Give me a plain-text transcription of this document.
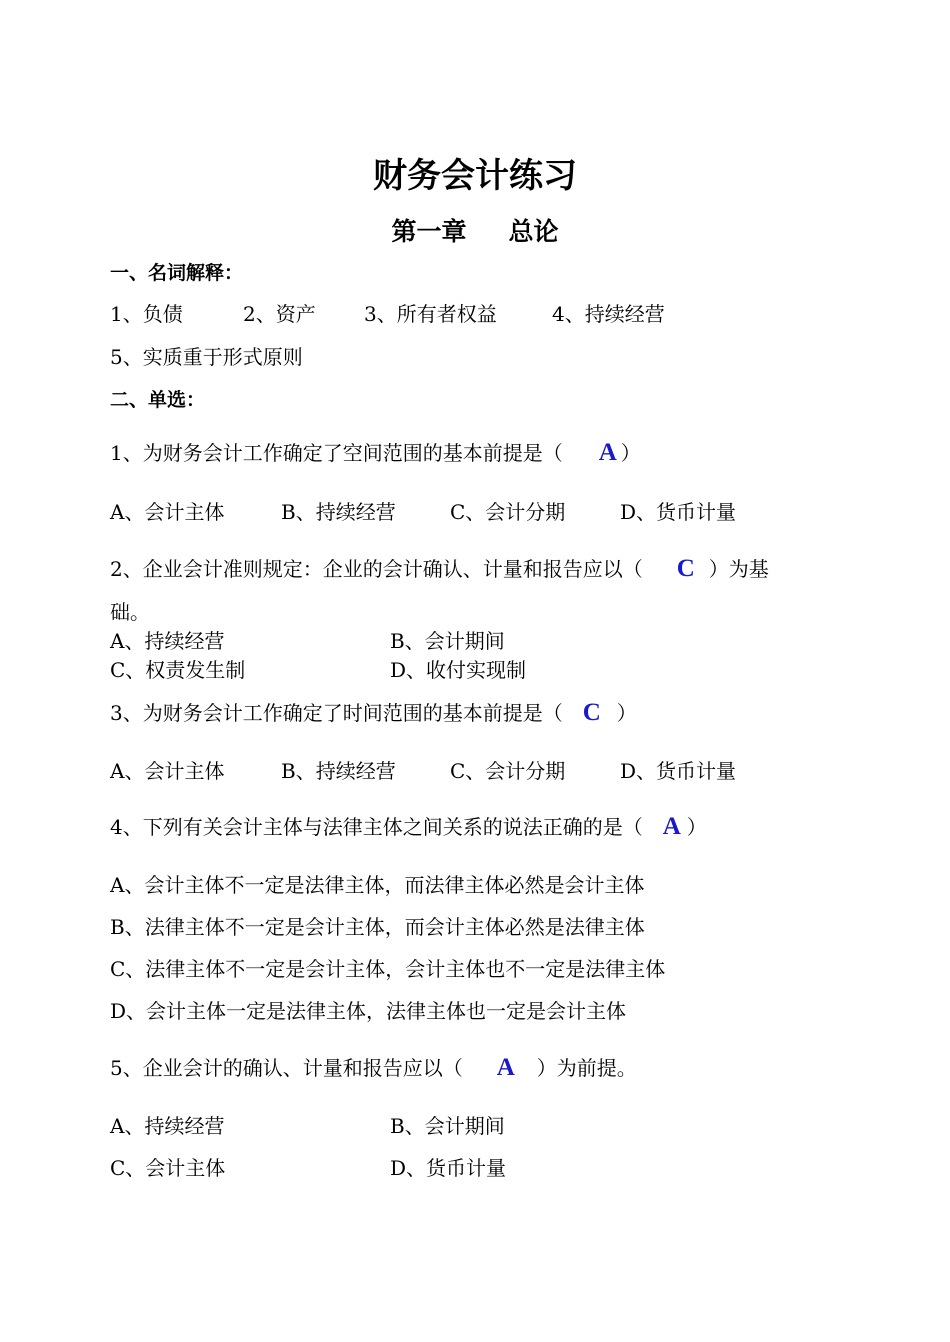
财务会计练习
第一章 总论
一、名词解释：
1、负债	2、资产 3、所有者权益	4、持续经营
5、实质重于形式原则
二、单选：
1、为财务会计工作确定了空间范围的基本前提是（ A ）
A、会计主体	B、持续经营	C、会计分期	D、货币计量
2、企业会计准则规定：企业的会计确认、计量和报告应以（ C ）为基
础。
A、持续经营	B、会计期间
C、权责发生制	D、收付实现制
3、为财务会计工作确定了时间范围的基本前提是（ C ）
A、会计主体	B、持续经营	C、会计分期	D、货币计量
4、下列有关会计主体与法律主体之间关系的说法正确的是（ A ）
A、会计主体不一定是法律主体，而法律主体必然是会计主体
B、法律主体不一定是会计主体，而会计主体必然是法律主体
C、法律主体不一定是会计主体，会计主体也不一定是法律主体
D、会计主体一定是法律主体，法律主体也一定是会计主体
5、企业会计的确认、计量和报告应以（ A ）为前提。
A、持续经营	B、会计期间
C、会计主体	D、货币计量
